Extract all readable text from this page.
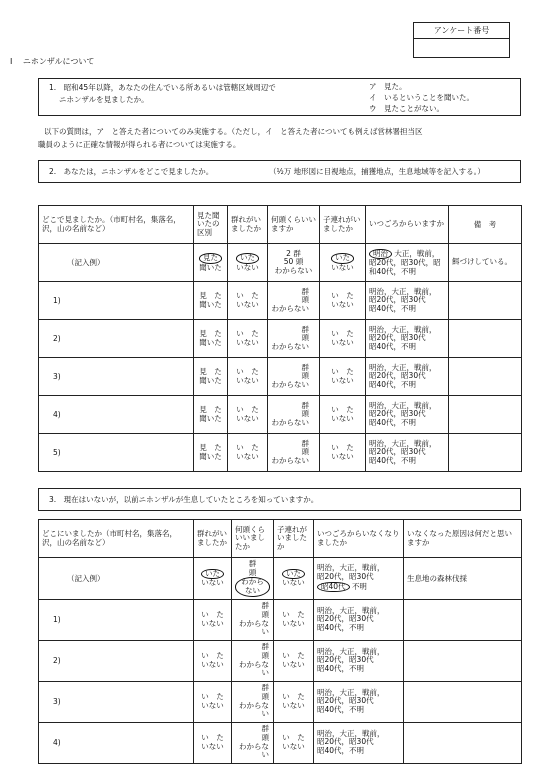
アンケート番号
I ニホンザルについて
1.　昭和45年以降，あなたの住んでいる所あるいは管轄区域周辺で
ニホンザルを見ましたか。
ア　見た。
イ　いるということを聞いた。
ウ　見たことがない。
以下の質問は，ア　と答えた者についてのみ実施する。（ただし，イ　と答えた者についても例えば営林署担当区
職員のように正確な情報が得られる者については実施する。
2.　あなたは，ニホンザルをどこで見ましたか。	（½万 地形図に目視地点，捕獲地点，生息地域等を記入する。）
どこで見ましたか。（市町村名，集落名，沢，山の名前など）	見た聞いたの区別	群れがいましたか	何頭くらいいますか	子連れがいましたか	いつごろからいますか	備　考
（記入例）	見た
聞いた	いた
いない	2 群
50 頭
わからない	いた
いない	明治 大正，戦前，
昭20代，昭30代，昭
和40代，不明	餌づけしている。
1)	見　た
聞いた	い　た
いない	群
頭
わからない	い　た
いない	明治，大正，戦前，
昭20代，昭30代
昭40代，不明	
2)	見　た
聞いた	い　た
いない	群
頭
わからない	い　た
いない	明治，大正，戦前，
昭20代，昭30代
昭40代，不明	
3)	見　た
聞いた	い　た
いない	群
頭
わからない	い　た
いない	明治，大正，戦前，
昭20代，昭30代
昭40代，不明	
4)	見　た
聞いた	い　た
いない	群
頭
わからない	い　た
いない	明治，大正，戦前，
昭20代，昭30代
昭40代，不明	
5)	見　た
聞いた	い　た
いない	群
頭
わからない	い　た
いない	明治，大正，戦前，
昭20代，昭30代
昭40代，不明	
3.　現在はいないが，以前ニホンザルが生息していたところを知っていますか。
どこにいましたか（市町村名，集落名，沢，山の名前など）	群れがいましたか	何頭くらいいましたか	子連れがいましたか	いつごろからいなくなりましたか	いなくなった原因は何だと思いますか
（記入例）	いた
いない	群
頭
わからない	いた
いない	明治，大正，戦前，
昭20代，昭30代
昭40代 不明	生息地の森林伐採
1)	い　た
いない	群
頭
わからない	い　た
いない	明治，大正，戦前，
昭20代，昭30代
昭40代，不明	
2)	い　た
いない	群
頭
わからない	い　た
いない	明治，大正，戦前，
昭20代，昭30代
昭40代，不明	
3)	い　た
いない	群
頭
わからない	い　た
いない	明治，大正，戦前，
昭20代，昭30代
昭40代，不明	
4)	い　た
いない	群
頭
わからない	い　た
いない	明治，大正，戦前，
昭20代，昭30代
昭40代，不明	
